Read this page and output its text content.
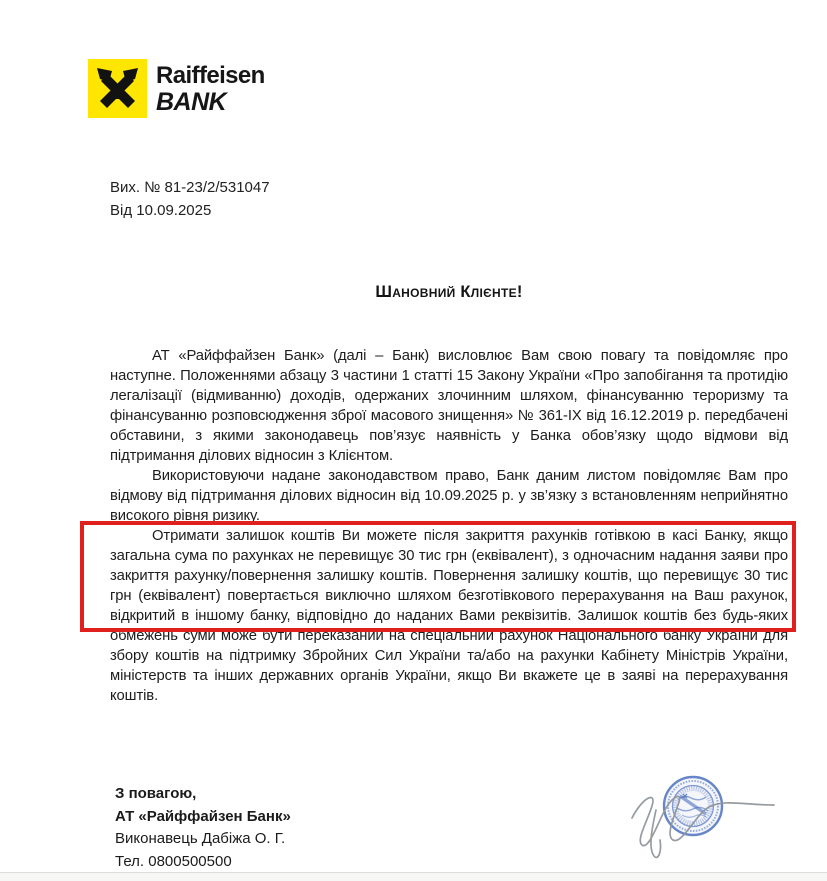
Raiffeisen
BANK
Вих. № 81-23/2/531047
Від 10.09.2025
Шановний Клієнте!

АТ «Райффайзен Банк» (далі – Банк) висловлює Вам свою повагу та повідомляє про наступне. Положеннями абзацу 3 частини 1 статті 15 Закону України «Про запобігання та протидію легалізації (відмиванню) доходів, одержаних злочинним шляхом, фінансуванню тероризму та фінансуванню розповсюдження зброї масового знищення» № 361-ІХ від 16.12.2019 р. передбачені обставини, з якими законодавець пов’язує наявність у Банка обов’язку щодо відмови від підтримання ділових відносин з Клієнтом.

Використовуючи надане законодавством право, Банк даним листом повідомляє Вам про відмову від підтримання ділових відносин від 10.09.2025 р. у зв’язку з встановленням неприйнятно високого рівня ризику.

Отримати залишок коштів Ви можете після закриття рахунків готівкою в касі Банку, якщо загальна сума по рахунках не перевищує 30 тис грн (еквівалент), з одночасним надання заяви про закриття рахунку/повернення залишку коштів. Повернення залишку коштів, що перевищує 30 тис грн (еквівалент) повертається виключно шляхом безготівкового перерахування на Ваш рахунок, відкритий в іншому банку, відповідно до наданих Вами реквізитів. Залишок коштів без будь-яких обмежень суми може бути переказаний на спеціальний рахунок Національного банку України для збору коштів на підтримку Збройних Сил України та/або на рахунки Кабінету Міністрів України, міністерств та інших державних органів України, якщо Ви вкажете це в заяві на перерахування коштів.

З повагою,
АТ «Райффайзен Банк»
Виконавець Дабіжа О. Г.
Тел. 0800500500
